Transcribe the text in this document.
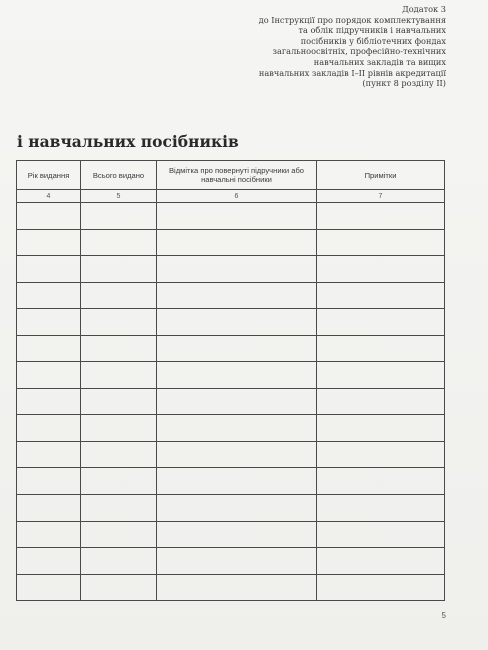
Додаток 3
до Інструкції про порядок комплектування
та облік підручників і навчальних
посібників у бібліотечних фондах
загальноосвітніх, професійно-технічних
навчальних закладів та вищих
навчальних закладів І–ІІ рівнів акредитації
(пункт 8 розділу ІІ)
і навчальних посібників
Рік видання	Всього видано	Відмітка про повернуті підручники або навчальні посібники	Примітки
4	5	6	7

5
